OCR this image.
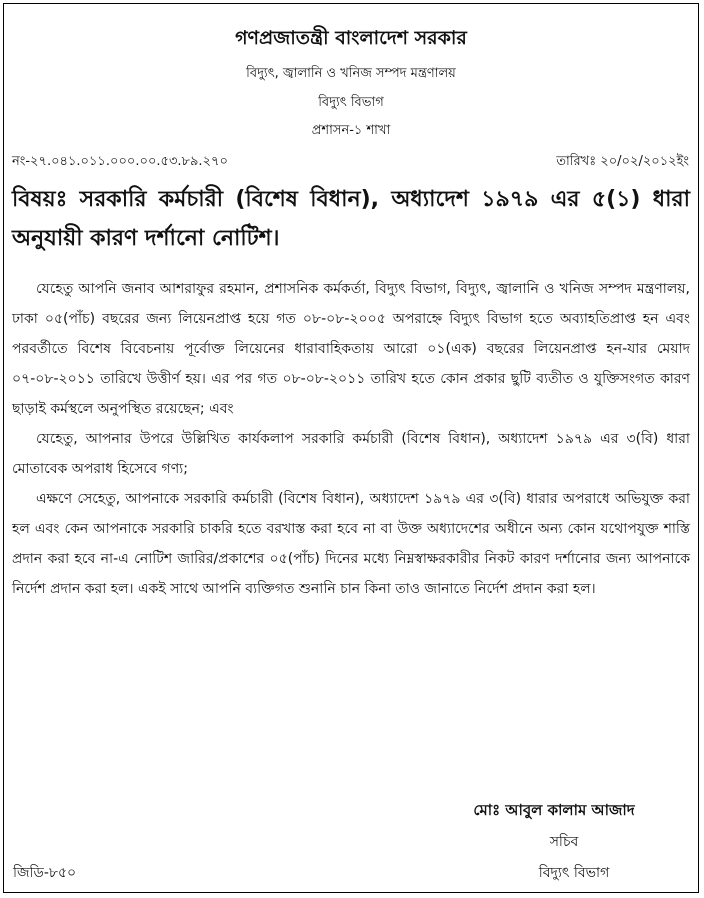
গণপ্রজাতন্ত্রী বাংলাদেশ সরকার
বিদ্যুৎ, জ্বালানি ও খনিজ সম্পদ মন্ত্রণালয়
বিদ্যুৎ বিভাগ
প্রশাসন-১ শাখা
নং-২৭.০৪১.০১১.০০০.০০.৫৩.৮৯.২৭০	তারিখঃ ২০/০২/২০১২ইং
বিষয়ঃ সরকারি কর্মচারী (বিশেষ বিধান), অধ্যাদেশ ১৯৭৯ এর ৫(১) ধারা অনুযায়ী কারণ দর্শানো নোটিশ।

যেহেতু আপনি জনাব আশরাফুর রহমান, প্রশাসনিক কর্মকর্তা, বিদ্যুৎ বিভাগ, বিদ্যুৎ, জ্বালানি ও খনিজ সম্পদ মন্ত্রণালয়, ঢাকা ০৫(পাঁচ) বছরের জন্য লিয়েনপ্রাপ্ত হয়ে গত ০৮-০৮-২০০৫ অপরাহ্নে বিদ্যুৎ বিভাগ হতে অব্যাহতিপ্রাপ্ত হন এবং পরবর্তীতে বিশেষ বিবেচনায় পূর্বোক্ত লিয়েনের ধারাবাহিকতায় আরো ০১(এক) বছরের লিয়েনপ্রাপ্ত হন-যার মেয়াদ ০৭-০৮-২০১১ তারিখে উত্তীর্ণ হয়। এর পর গত ০৮-০৮-২০১১ তারিখ হতে কোন প্রকার ছুটি ব্যতীত ও যুক্তিসংগত কারণ ছাড়াই কর্মস্থলে অনুপস্থিত রয়েছেন; এবং

যেহেতু, আপনার উপরে উল্লিখিত কার্যকলাপ সরকারি কর্মচারী (বিশেষ বিধান), অধ্যাদেশ ১৯৭৯ এর ৩(বি) ধারা মোতাবেক অপরাধ হিসেবে গণ্য;

এক্ষণে সেহেতু, আপনাকে সরকারি কর্মচারী (বিশেষ বিধান), অধ্যাদেশ ১৯৭৯ এর ৩(বি) ধারার অপরাধে অভিযুক্ত করা হল এবং কেন আপনাকে সরকারি চাকরি হতে বরখাস্ত করা হবে না বা উক্ত অধ্যাদেশের অধীনে অন্য কোন যথোপযুক্ত শাস্তি প্রদান করা হবে না-এ নোটিশ জারির/প্রকাশের ০৫(পাঁচ) দিনের মধ্যে নিম্নস্বাক্ষরকারীর নিকট কারণ দর্শানোর জন্য আপনাকে নির্দেশ প্রদান করা হল। একই সাথে আপনি ব্যক্তিগত শুনানি চান কিনা তাও জানাতে নির্দেশ প্রদান করা হল।

মোঃ আবুল কালাম আজাদ
সচিব
বিদ্যুৎ বিভাগ
জিডি-৮৫০
